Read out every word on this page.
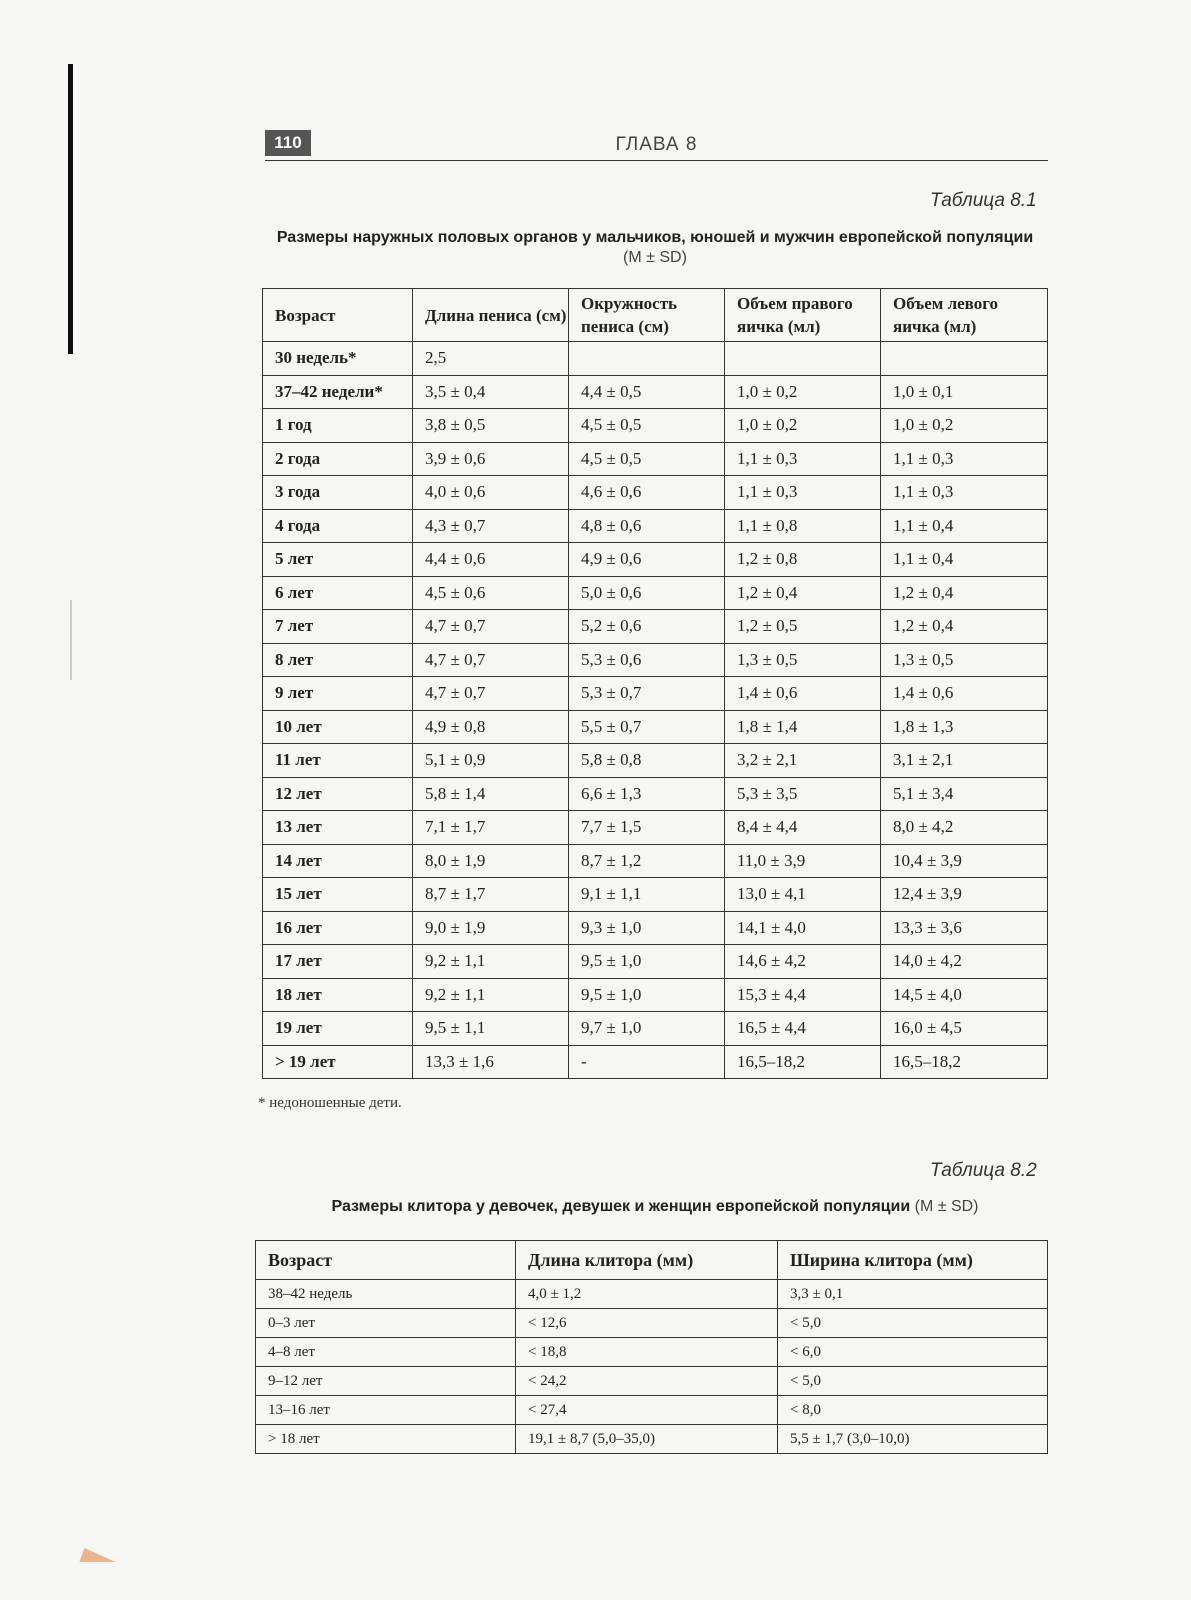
110	ГЛАВА 8
Таблица 8.1
Размеры наружных половых органов у мальчиков, юношей и мужчин европейской популяции
(M ± SD)
Возраст	Длина пениса (см)	Окружность пениса (см)	Объем правого яичка (мл)	Объем левого яичка (мл)
30 недель*	2,5			
37–42 недели*	3,5 ± 0,4	4,4 ± 0,5	1,0 ± 0,2	1,0 ± 0,1
1 год	3,8 ± 0,5	4,5 ± 0,5	1,0 ± 0,2	1,0 ± 0,2
2 года	3,9 ± 0,6	4,5 ± 0,5	1,1 ± 0,3	1,1 ± 0,3
3 года	4,0 ± 0,6	4,6 ± 0,6	1,1 ± 0,3	1,1 ± 0,3
4 года	4,3 ± 0,7	4,8 ± 0,6	1,1 ± 0,8	1,1 ± 0,4
5 лет	4,4 ± 0,6	4,9 ± 0,6	1,2 ± 0,8	1,1 ± 0,4
6 лет	4,5 ± 0,6	5,0 ± 0,6	1,2 ± 0,4	1,2 ± 0,4
7 лет	4,7 ± 0,7	5,2 ± 0,6	1,2 ± 0,5	1,2 ± 0,4
8 лет	4,7 ± 0,7	5,3 ± 0,6	1,3 ± 0,5	1,3 ± 0,5
9 лет	4,7 ± 0,7	5,3 ± 0,7	1,4 ± 0,6	1,4 ± 0,6
10 лет	4,9 ± 0,8	5,5 ± 0,7	1,8 ± 1,4	1,8 ± 1,3
11 лет	5,1 ± 0,9	5,8 ± 0,8	3,2 ± 2,1	3,1 ± 2,1
12 лет	5,8 ± 1,4	6,6 ± 1,3	5,3 ± 3,5	5,1 ± 3,4
13 лет	7,1 ± 1,7	7,7 ± 1,5	8,4 ± 4,4	8,0 ± 4,2
14 лет	8,0 ± 1,9	8,7 ± 1,2	11,0 ± 3,9	10,4 ± 3,9
15 лет	8,7 ± 1,7	9,1 ± 1,1	13,0 ± 4,1	12,4 ± 3,9
16 лет	9,0 ± 1,9	9,3 ± 1,0	14,1 ± 4,0	13,3 ± 3,6
17 лет	9,2 ± 1,1	9,5 ± 1,0	14,6 ± 4,2	14,0 ± 4,2
18 лет	9,2 ± 1,1	9,5 ± 1,0	15,3 ± 4,4	14,5 ± 4,0
19 лет	9,5 ± 1,1	9,7 ± 1,0	16,5 ± 4,4	16,0 ± 4,5
> 19 лет	13,3 ± 1,6	-	16,5–18,2	16,5–18,2
* недоношенные дети.
Таблица 8.2
Размеры клитора у девочек, девушек и женщин европейской популяции (M ± SD)
Возраст	Длина клитора (мм)	Ширина клитора (мм)
38–42 недель	4,0 ± 1,2	3,3 ± 0,1
0–3 лет	< 12,6	< 5,0
4–8 лет	< 18,8	< 6,0
9–12 лет	< 24,2	< 5,0
13–16 лет	< 27,4	< 8,0
> 18 лет	19,1 ± 8,7 (5,0–35,0)	5,5 ± 1,7 (3,0–10,0)
